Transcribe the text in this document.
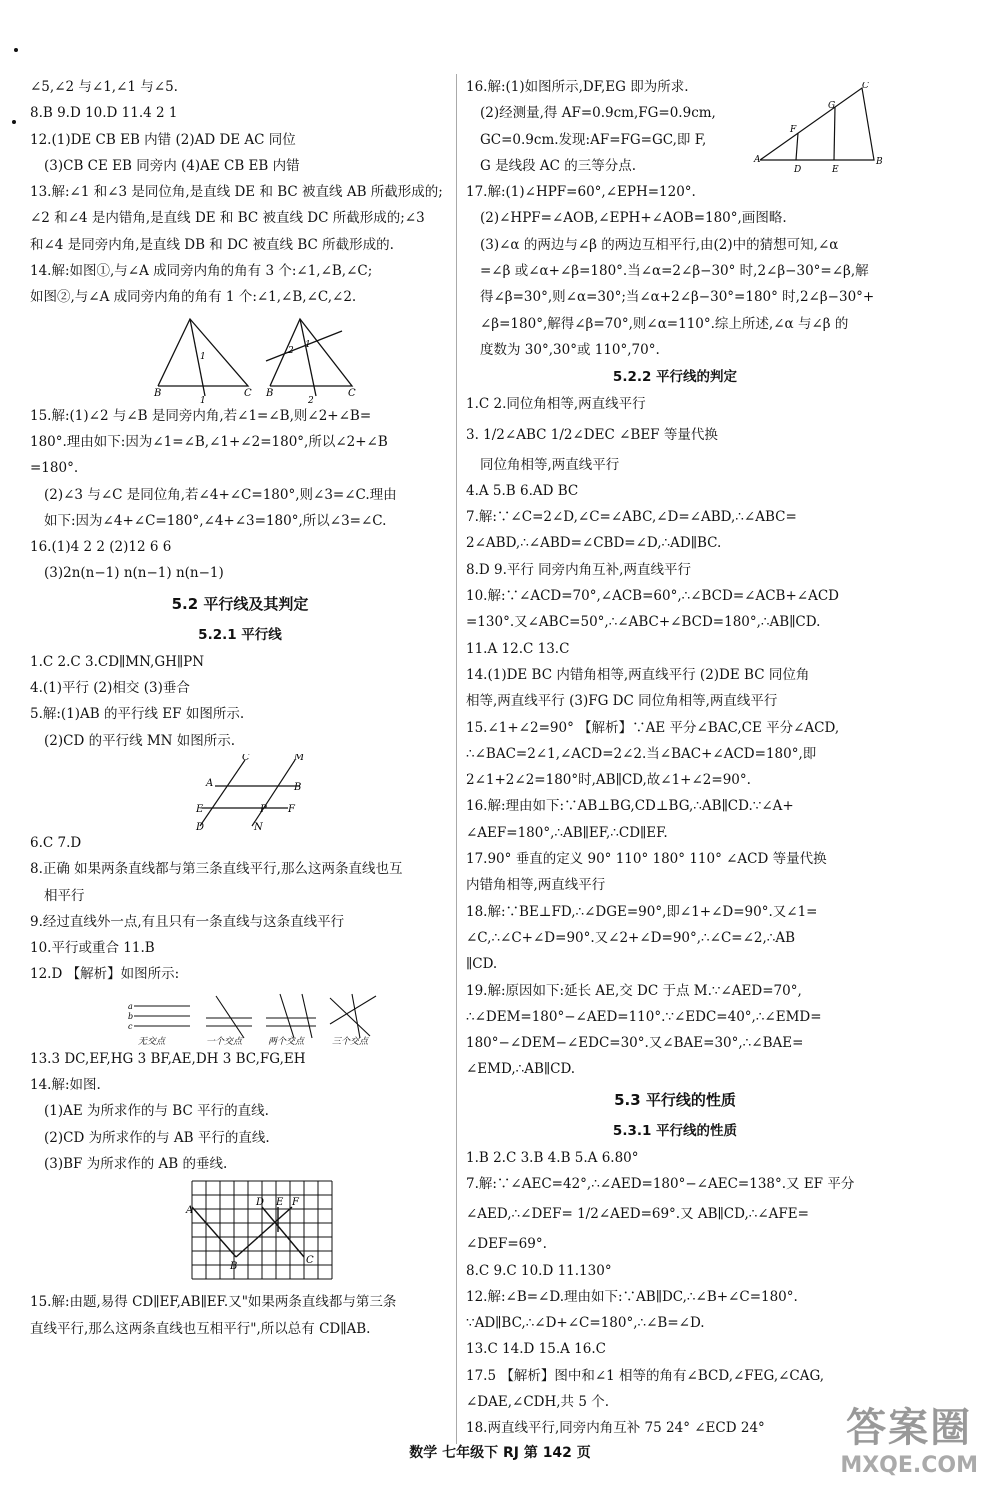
∠5,∠2 与∠1,∠1 与∠5.
8.B 9.D 10.D 11.4 2 1
12.(1)DE CB EB 内错 (2)AD DE AC 同位
(3)CB CE EB 同旁内 (4)AE CB EB 内错
13.解:∠1 和∠3 是同位角,是直线 DE 和 BC 被直线 AB 所截形成的;
∠2 和∠4 是内错角,是直线 DE 和 BC 被直线 DC 所截形成的;∠3
和∠4 是同旁内角,是直线 DB 和 DC 被直线 BC 所截形成的.
14.解:如图①,与∠A 成同旁内角的角有 3 个:∠1,∠B,∠C;
如图②,与∠A 成同旁内角的角有 1 个:∠1,∠B,∠C,∠2.
B	C
1
B	C
2
1
1	2
15.解:(1)∠2 与∠B 是同旁内角,若∠1=∠B,则∠2+∠B=
180°.理由如下:因为∠1=∠B,∠1+∠2=180°,所以∠2+∠B
=180°.
(2)∠3 与∠C 是同位角,若∠4+∠C=180°,则∠3=∠C.理由
如下:因为∠4+∠C=180°,∠4+∠3=180°,所以∠3=∠C.
16.(1)4 2 2 (2)12 6 6
(3)2n(n−1) n(n−1) n(n−1)
5.2 平行线及其判定
5.2.1 平行线
1.C 2.C 3.CD∥MN,GH∥PN
4.(1)平行 (2)相交 (3)垂合
5.解:(1)AB 的平行线 EF 如图所示.
(2)CD 的平行线 MN 如图所示.
C	M
A	B
E	F
D	N
P
6.C 7.D
8.正确 如果两条直线都与第三条直线平行,那么这两条直线也互
相平行
9.经过直线外一点,有且只有一条直线与这条直线平行
10.平行或重合 11.B
12.D 【解析】如图所示:
a
b
c
无交点	一个交点	两个交点	三个交点
13.3 DC,EF,HG 3 BF,AE,DH 3 BC,FG,EH
14.解:如图.
(1)AE 为所求作的与 BC 平行的直线.
(2)CD 为所求作的与 AB 平行的直线.
(3)BF 为所求作的 AB 的垂线.
A
B
C
D E F
15.解:由题,易得 CD∥EF,AB∥EF.又"如果两条直线都与第三条
直线平行,那么这两条直线也互相平行",所以总有 CD∥AB.
A
C
B
F
G
D	E
16.解:(1)如图所示,DF,EG 即为所求.
(2)经测量,得 AF=0.9cm,FG=0.9cm,
GC=0.9cm.发现:AF=FG=GC,即 F,
G 是线段 AC 的三等分点.
17.解:(1)∠HPF=60°,∠EPH=120°.
(2)∠HPF=∠AOB,∠EPH+∠AOB=180°,画图略.
(3)∠α 的两边与∠β 的两边互相平行,由(2)中的猜想可知,∠α
=∠β 或∠α+∠β=180°.当∠α=2∠β−30° 时,2∠β−30°=∠β,解
得∠β=30°,则∠α=30°;当∠α+2∠β−30°=180° 时,2∠β−30°+
∠β=180°,解得∠β=70°,则∠α=110°.综上所述,∠α 与∠β 的
度数为 30°,30°或 110°,70°.
5.2.2 平行线的判定
1.C 2.同位角相等,两直线平行
3. 1/2∠ABC 1/2∠DEC ∠BEF 等量代换
同位角相等,两直线平行
4.A 5.B 6.AD BC
7.解:∵∠C=2∠D,∠C=∠ABC,∠D=∠ABD,∴∠ABC=
2∠ABD,∴∠ABD=∠CBD=∠D,∴AD∥BC.
8.D 9.平行 同旁内角互补,两直线平行
10.解:∵∠ACD=70°,∠ACB=60°,∴∠BCD=∠ACB+∠ACD
=130°.又∠ABC=50°,∴∠ABC+∠BCD=180°,∴AB∥CD.
11.A 12.C 13.C
14.(1)DE BC 内错角相等,两直线平行 (2)DE BC 同位角
相等,两直线平行 (3)FG DC 同位角相等,两直线平行
15.∠1+∠2=90° 【解析】∵AE 平分∠BAC,CE 平分∠ACD,
∴∠BAC=2∠1,∠ACD=2∠2.当∠BAC+∠ACD=180°,即
2∠1+2∠2=180°时,AB∥CD,故∠1+∠2=90°.
16.解:理由如下:∵AB⊥BG,CD⊥BG,∴AB∥CD.∵∠A+
∠AEF=180°,∴AB∥EF,∴CD∥EF.
17.90° 垂直的定义 90° 110° 180° 110° ∠ACD 等量代换
内错角相等,两直线平行
18.解:∵BE⊥FD,∴∠DGE=90°,即∠1+∠D=90°.又∠1=
∠C,∴∠C+∠D=90°.又∠2+∠D=90°,∴∠C=∠2,∴AB
∥CD.
19.解:原因如下:延长 AE,交 DC 于点 M.∵∠AED=70°,
∴∠DEM=180°−∠AED=110°.∵∠EDC=40°,∴∠EMD=
180°−∠DEM−∠EDC=30°.又∠BAE=30°,∴∠BAE=
∠EMD,∴AB∥CD.
5.3 平行线的性质
5.3.1 平行线的性质
1.B 2.C 3.B 4.B 5.A 6.80°
7.解:∵∠AEC=42°,∴∠AED=180°−∠AEC=138°.又 EF 平分
∠AED,∴∠DEF= 1/2∠AED=69°.又 AB∥CD,∴∠AFE=
∠DEF=69°.
8.C 9.C 10.D 11.130°
12.解:∠B=∠D.理由如下:∵AB∥DC,∴∠B+∠C=180°.
∵AD∥BC,∴∠D+∠C=180°,∴∠B=∠D.
13.C 14.D 15.A 16.C
17.5 【解析】图中和∠1 相等的角有∠BCD,∠FEG,∠CAG,
∠DAE,∠CDH,共 5 个.
18.两直线平行,同旁内角互补 75 24° ∠ECD 24°
数学 七年级下 RJ 第 142 页
答案圈
MXQE.COM
